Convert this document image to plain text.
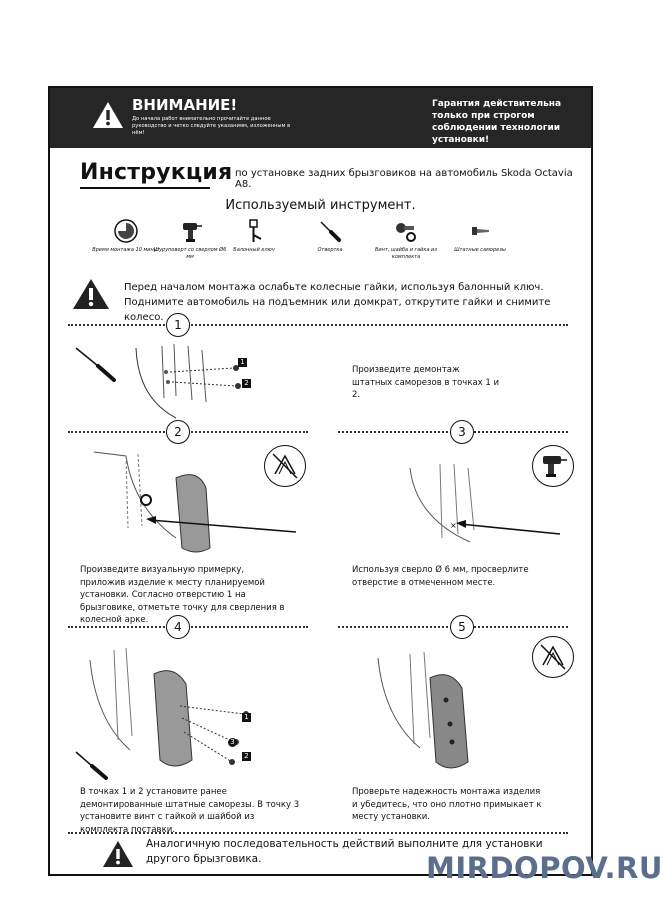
ВНИМАНИЕ!
До начала работ внимательно прочитайте данное руководство и четко следуйте указаниям, изложенным в нём!
Гарантия действительна только при строгом соблюдении технологии установки!
Инструкция по установке задних брызговиков на автомобиль Skoda Octavia A8.
Используемый инструмент.
Время монтажа 10 минут
Шуруповерт со сверлом Ø6 мм
Балонный ключ	Отвертка	Винт, шайба и гайка из комплекта
Штатные саморезы
Перед началом монтажа ослабьте колесные гайки, используя балонный ключ.
Поднимите автомобиль на подъемник или домкрат, открутите гайки и снимите колесо.
1
1
2
Произведите демонтаж штатных саморезов в точках 1 и 2.
2
Произведите визуальную примерку, приложив изделие к месту планируемой установки. Согласно отверстию 1 на брызговике, отметьте точку для сверления в колесной арке.
3
×
Используя сверло Ø 6 мм, просверлите отверстие в отмеченном месте.
4
1
3
2
В точках 1 и 2 установите ранее демонтированные штатные саморезы. В точку 3 установите винт с гайкой и шайбой из комплекта поставки.
5
Проверьте надежность монтажа изделия и убедитесь, что оно плотно примыкает к месту установки.
Аналогичную последовательность действий выполните для установки
другого брызговика.	MIRDOPOV.RU
